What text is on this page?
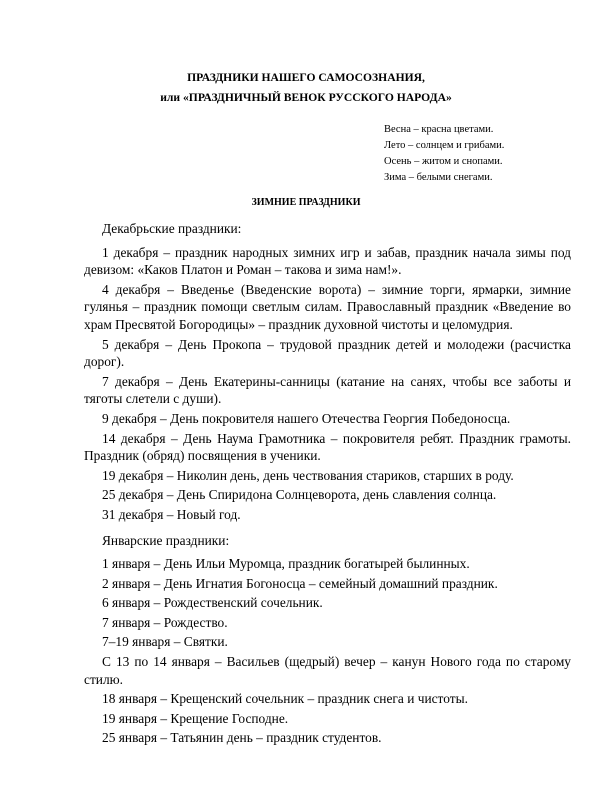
ПРАЗДНИКИ НАШЕГО САМОСОЗНАНИЯ,

или «ПРАЗДНИЧНЫЙ ВЕНОК РУССКОГО НАРОДА»

Весна – красна цветами.
Лето – солнцем и грибами.
Осень – житом и снопами.
Зима – белыми снегами.

ЗИМНИЕ ПРАЗДНИКИ

Декабрьские праздники:

1 декабря – праздник народных зимних игр и забав, праздник начала зимы под девизом: «Каков Платон и Роман – такова и зима нам!».

4 декабря – Введенье (Введенские ворота) – зимние торги, ярмарки, зимние гулянья – праздник помощи светлым силам. Православный праздник «Введение во храм Пресвятой Богородицы» – праздник духовной чистоты и целомудрия.

5 декабря – День Прокопа – трудовой праздник детей и молодежи (расчистка дорог).

7 декабря – День Екатерины-санницы (катание на санях, чтобы все заботы и тяготы слетели с души).

9 декабря – День покровителя нашего Отечества Георгия Победоносца.

14 декабря – День Наума Грамотника – покровителя ребят. Праздник грамоты. Праздник (обряд) посвящения в ученики.

19 декабря – Николин день, день чествования стариков, старших в роду.

25 декабря – День Спиридона Солнцеворота, день славления солнца.

31 декабря – Новый год.

Январские праздники:

1 января – День Ильи Муромца, праздник богатырей былинных.

2 января – День Игнатия Богоносца – семейный домашний праздник.

6 января – Рождественский сочельник.

7 января – Рождество.

7–19 января – Святки.

С 13 по 14 января – Васильев (щедрый) вечер – канун Нового года по старому стилю.

18 января – Крещенский сочельник – праздник снега и чистоты.

19 января – Крещение Господне.

25 января – Татьянин день – праздник студентов.
